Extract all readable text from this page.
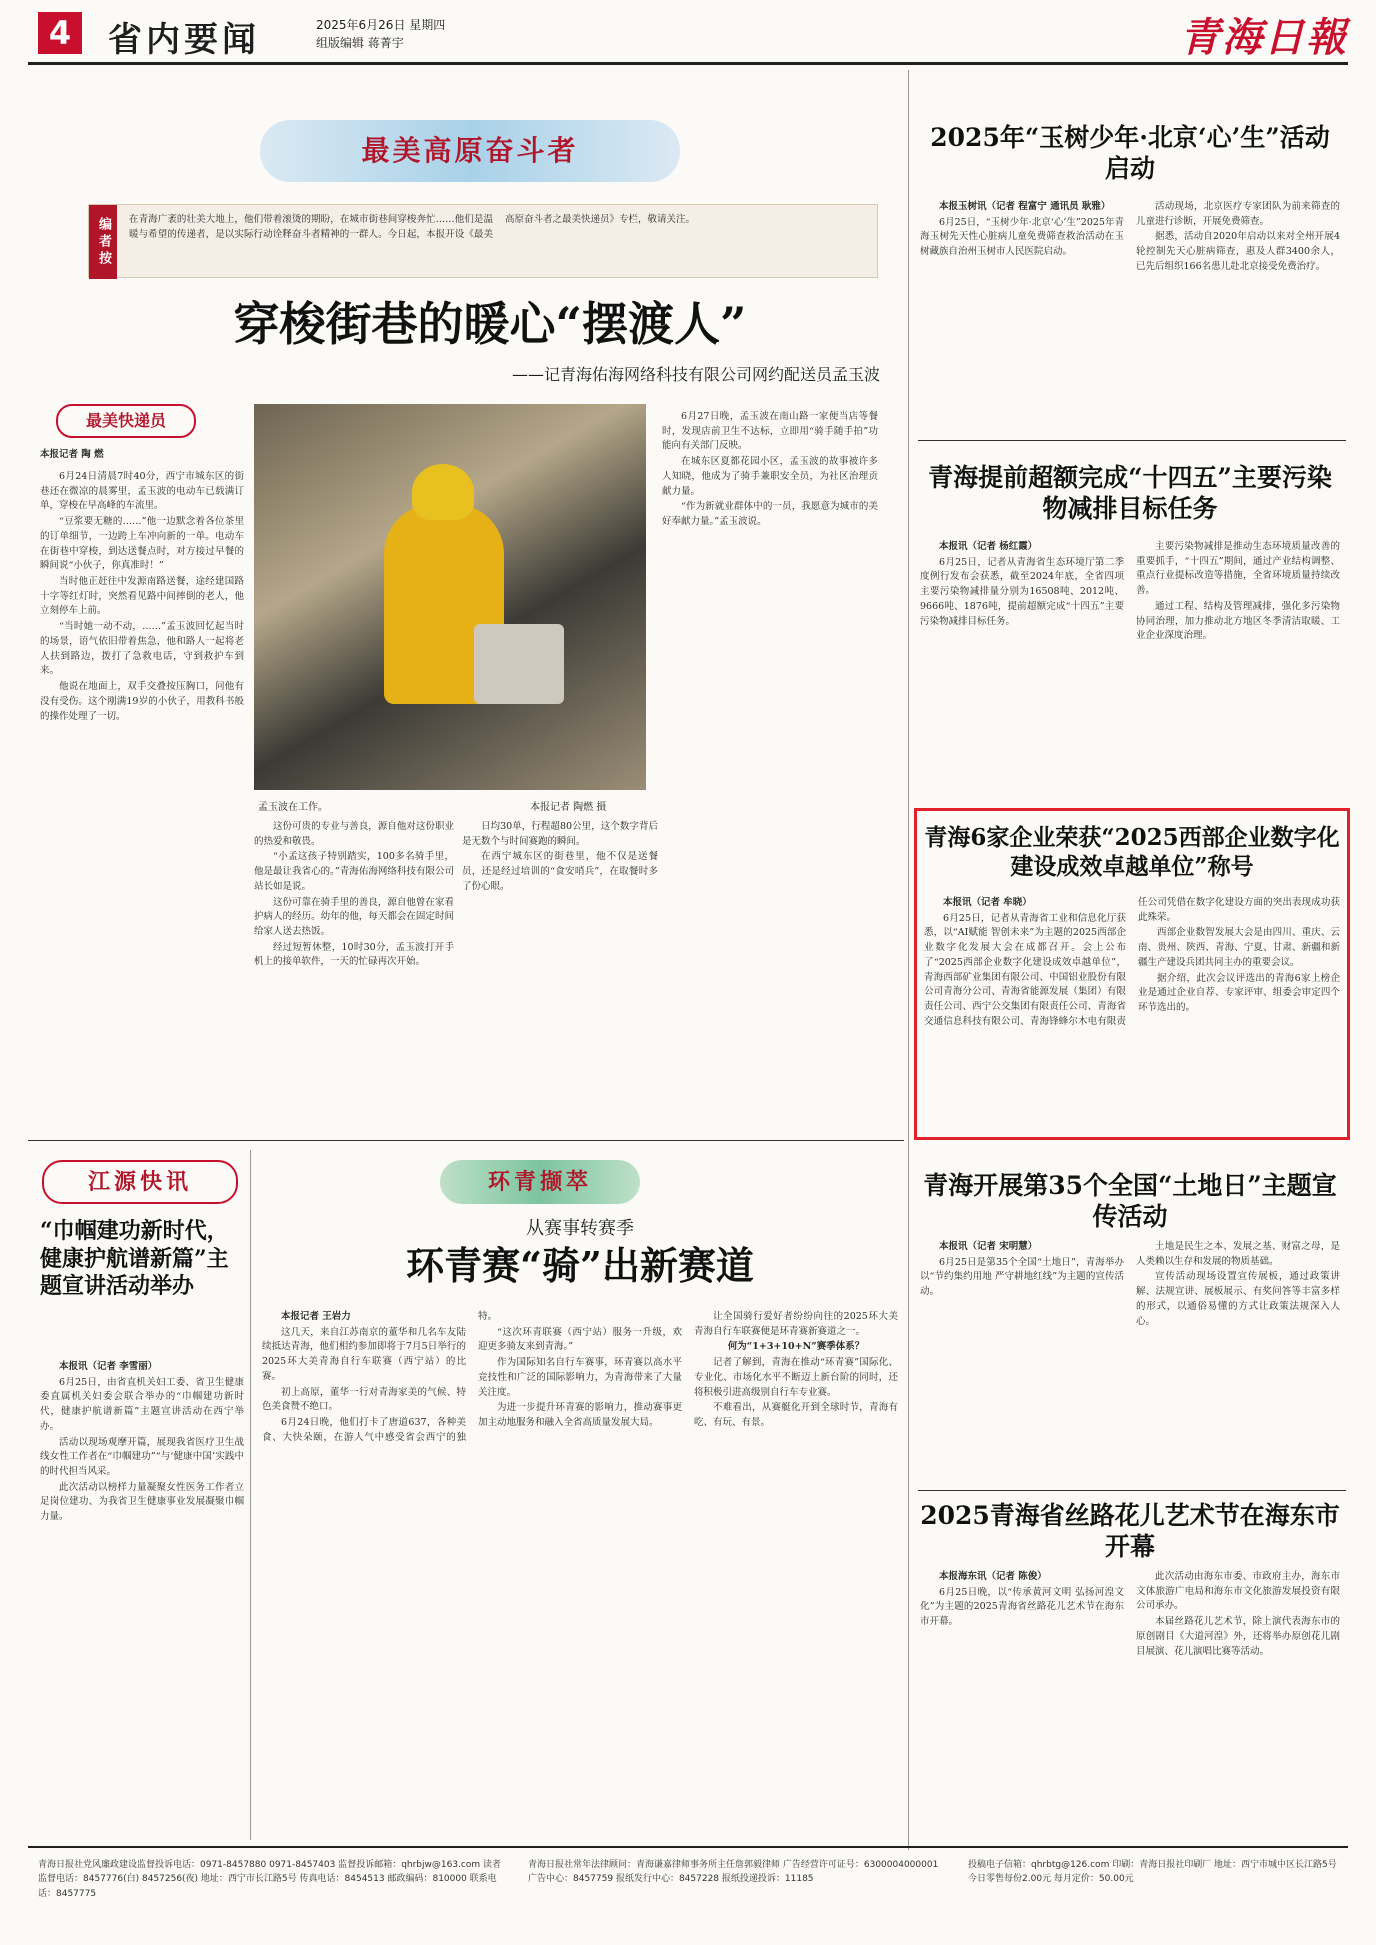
4	省内要闻	2025年6月26日 星期四
组版编辑 蒋菁宇	青海日報
最美高原奋斗者
编者按	在青海广袤的壮美大地上，他们带着滚烫的期盼，在城市街巷间穿梭奔忙……他们是温暖与希望的传递者，是以实际行动诠释奋斗者精神的一群人。今日起，本报开设《最美高原奋斗者之最美快递员》专栏，敬请关注。
穿梭街巷的暖心“摆渡人”
——记青海佑海网络科技有限公司网约配送员孟玉波
最美快递员
孟玉波在工作。	本报记者 陶燃 摄
本报记者 陶 燃

6月24日清晨7时40分，西宁市城东区的街巷还在微凉的晨雾里，孟玉波的电动车已载满订单，穿梭在早高峰的车流里。

“豆浆要无糖的……”他一边默念着各位茶里的订单细节，一边跨上车冲向新的一单。电动车在街巷中穿梭，到达送餐点时，对方接过早餐的瞬间说“小伙子，你真准时！”

当时他正赶往中发源南路送餐，途经建国路十字等红灯时，突然看见路中间摔倒的老人，他立刻停车上前。

“当时她一动不动，……”孟玉波回忆起当时的场景，语气依旧带着焦急，他和路人一起将老人扶到路边，拨打了急救电话，守到救护车到来。

他说在地面上，双手交叠按压胸口，问他有没有受伤。这个刚满19岁的小伙子，用教科书般的操作处理了一切。

这份可贵的专业与善良，源自他对这份职业的热爱和敬畏。

“小孟这孩子特别踏实，100多名骑手里，他是最让我省心的。”青海佑海网络科技有限公司站长如是说。

这份可靠在骑手里的善良，源自他曾在家看护病人的经历。幼年的他，每天都会在固定时间给家人送去热饭。

经过短暂休整，10时30分，孟玉波打开手机上的接单软件，一天的忙碌再次开始。

日均30单，行程超80公里，这个数字背后是无数个与时间赛跑的瞬间。

在西宁城东区的街巷里，他不仅是送餐员，还是经过培训的“食安哨兵”，在取餐时多了份心眼。

6月27日晚，孟玉波在南山路一家便当店等餐时，发现店前卫生不达标，立即用“骑手随手拍”功能向有关部门反映。

在城东区夏都花园小区，孟玉波的故事被许多人知晓，他成为了骑手兼职安全员，为社区治理贡献力量。

“作为新就业群体中的一员，我愿意为城市的美好奉献力量。”孟玉波说。

2025年“玉树少年·北京‘心’生”活动启动

本报玉树讯（记者 程富宁 通讯员 耿雅）

6月25日，“玉树少年·北京‘心’生”2025年青海玉树先天性心脏病儿童免费筛查救治活动在玉树藏族自治州玉树市人民医院启动。

活动现场，北京医疗专家团队为前来筛查的儿童进行诊断，开展免费筛查。

据悉，活动自2020年启动以来对全州开展4轮控制先天心脏病筛查，惠及人群3400余人，已先后组织166名患儿赴北京接受免费治疗。

青海提前超额完成“十四五”主要污染物减排目标任务

本报讯（记者 杨红霞）

6月25日，记者从青海省生态环境厅第二季度例行发布会获悉，截至2024年底，全省四项主要污染物减排量分别为16508吨、2012吨、9666吨、1876吨，提前超额完成“十四五”主要污染物减排目标任务。

主要污染物减排是推动生态环境质量改善的重要抓手，“十四五”期间，通过产业结构调整、重点行业提标改造等措施，全省环境质量持续改善。

通过工程、结构及管理减排，强化多污染物协同治理，加力推动北方地区冬季清洁取暖、工业企业深度治理。

青海6家企业荣获“2025西部企业数字化建设成效卓越单位”称号

本报讯（记者 牟晓）

6月25日，记者从青海省工业和信息化厅获悉，以“AI赋能 智创未来”为主题的2025西部企业数字化发展大会在成都召开。会上公布了“2025西部企业数字化建设成效卓越单位”，青海西部矿业集团有限公司、中国铝业股份有限公司青海分公司、青海省能源发展（集团）有限责任公司、西宁公交集团有限责任公司、青海省交通信息科技有限公司、青海锋蜂尔木电有限责任公司凭借在数字化建设方面的突出表现成功获此殊荣。

西部企业数智发展大会是由四川、重庆、云南、贵州、陕西、青海、宁夏、甘肃、新疆和新疆生产建设兵团共同主办的重要会议。

据介绍，此次会议评选出的青海6家上榜企业是通过企业自荐、专家评审、组委会审定四个环节选出的。

江源快讯
“巾帼建功新时代，健康护航谱新篇”主题宣讲活动举办

本报讯（记者 李雪丽）

6月25日，由省直机关妇工委、省卫生健康委直属机关妇委会联合举办的“巾帼建功新时代，健康护航谱新篇”主题宣讲活动在西宁举办。

活动以现场观摩开篇，展现我省医疗卫生战线女性工作者在“巾帼建功”“与‘健康中国’实践中的时代担当风采。

此次活动以榜样力量凝聚女性医务工作者立足岗位建功、为我省卫生健康事业发展凝聚巾帼力量。

环青撷萃
从赛事转赛季
环青赛“骑”出新赛道

本报记者 王岩力

这几天，来自江苏南京的董华和几名车友陆续抵达青海，他们相约参加即将于7月5日举行的2025环大美青海自行车联赛（西宁站）的比赛。

初上高原，董华一行对青海家美的气候、特色美食赞不绝口。

6月24日晚，他们打卡了唐道637，各种美食、大快朵颐，在游人气中感受省会西宁的独特。

“这次环青联赛（西宁站）服务一升级，欢迎更多骑友来到青海。”

作为国际知名自行车赛事，环青赛以高水平竞技性和广泛的国际影响力，为青海带来了大量关注度。

为进一步提升环青赛的影响力，推动赛事更加主动地服务和融入全省高质量发展大局。

让全国骑行爱好者纷纷向往的2025环大美青海自行车联赛便是环青赛新赛道之一。

何为“1+3+10+N”赛季体系？

记者了解到，青海在推动“环青赛”国际化、专业化、市场化水平不断迈上新台阶的同时，还将积极引进高级别自行车专业赛。

不难看出，从赛艇化开到全球时节，青海有吃、有玩、有景。

青海开展第35个全国“土地日”主题宣传活动

本报讯（记者 宋明慧）

6月25日是第35个全国“土地日”，青海举办以“节约集约用地 严守耕地红线”为主题的宣传活动。

土地是民生之本、发展之基、财富之母，是人类赖以生存和发展的物质基础。

宣传活动现场设置宣传展板，通过政策讲解、法规宣讲、展板展示、有奖问答等丰富多样的形式，以通俗易懂的方式让政策法规深入人心。

2025青海省丝路花儿艺术节在海东市开幕

本报海东讯（记者 陈俊）

6月25日晚，以“传承黄河文明 弘扬河湟文化”为主题的2025青海省丝路花儿艺术节在海东市开幕。

此次活动由海东市委、市政府主办，海东市文体旅游广电局和海东市文化旅游发展投资有限公司承办。

本届丝路花儿艺术节，除上演代表海东市的原创剧目《大道河湟》外，还将举办原创花儿剧目展演、花儿演唱比赛等活动。

青海日报社党风廉政建设监督投诉电话：0971-8457880 0971-8457403 监督投诉邮箱：qhrbjw@163.com 读者监督电话：8457776(白) 8457256(夜) 地址：西宁市长江路5号 传真电话：8454513 邮政编码：810000 联系电话：8457775
青海日报社常年法律顾问：青海谦嘉律师事务所主任詹郭毅律师 广告经营许可证号：6300004000001 广告中心：8457759 报纸发行中心：8457228 报纸投递投诉：11185
投稿电子信箱：qhrbtg@126.com 印刷：青海日报社印刷厂 地址：西宁市城中区长江路5号 今日零售每份2.00元 每月定价：50.00元
